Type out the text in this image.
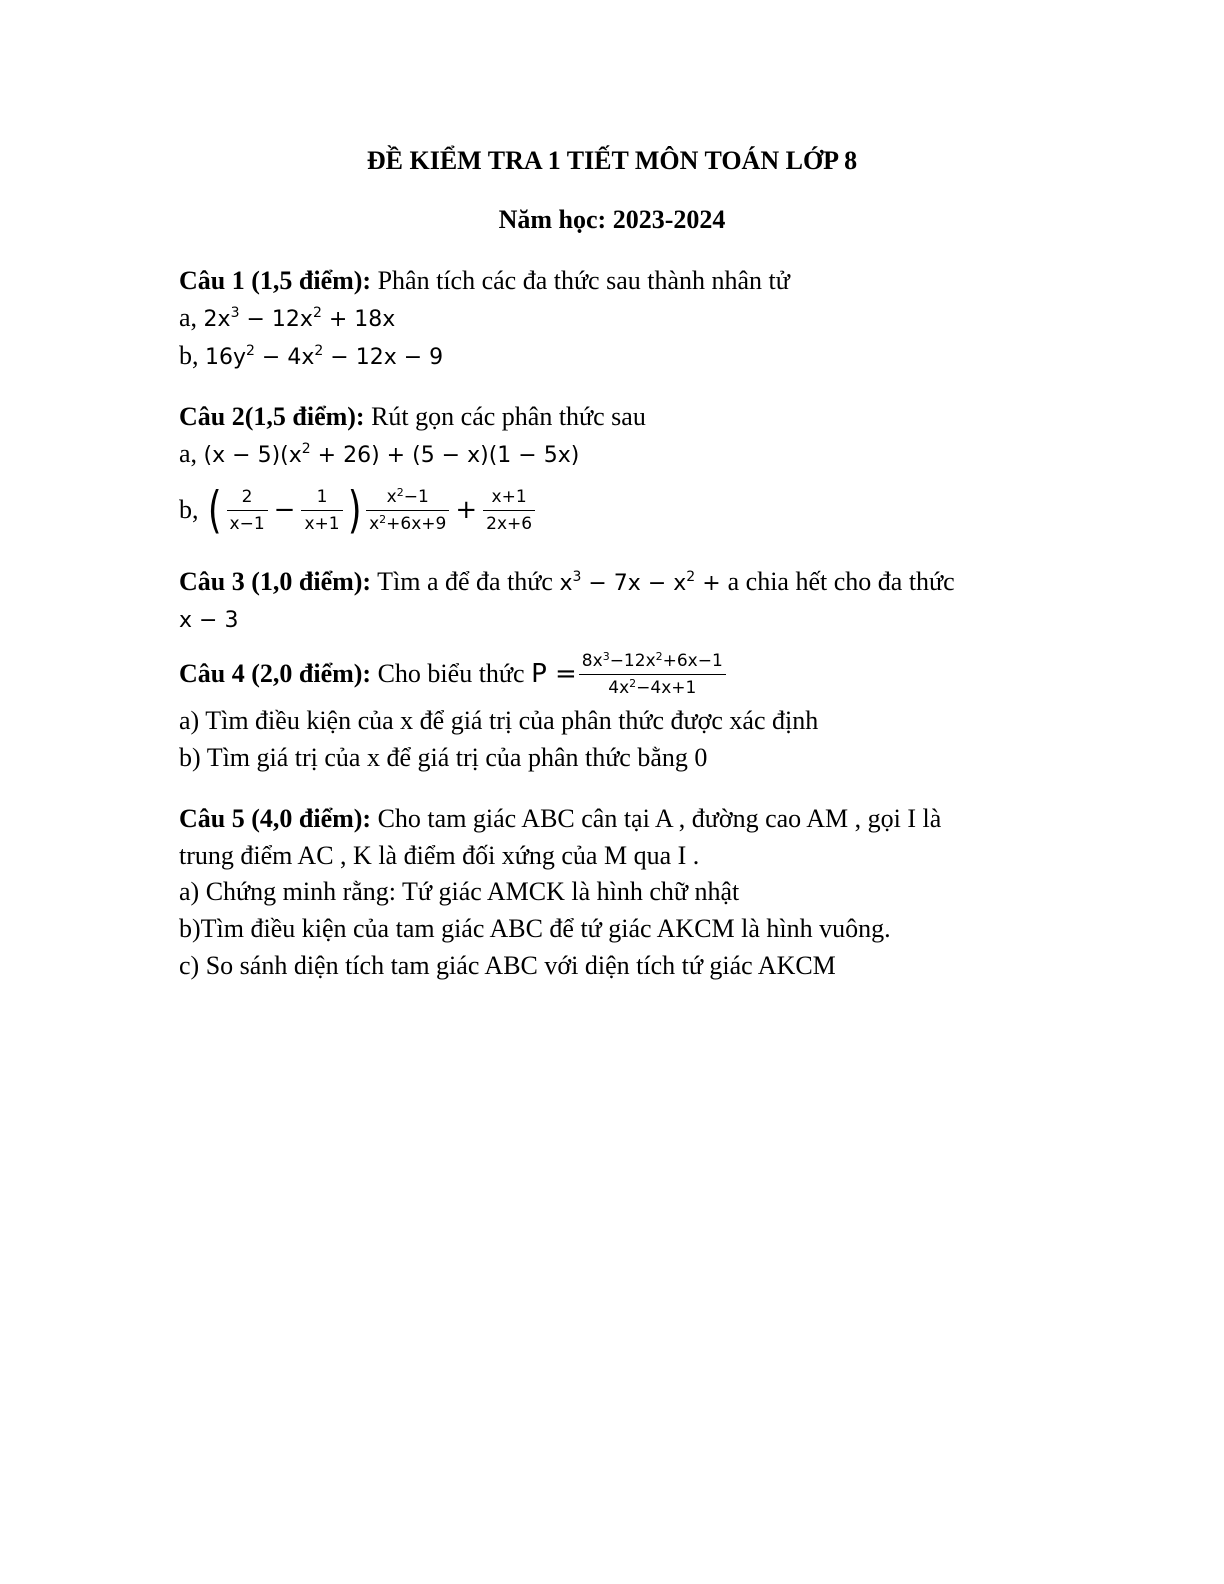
ĐỀ KIỂM TRA 1 TIẾT MÔN TOÁN LỚP 8
Năm học: 2023-2024
Câu 1 (1,5 điểm): Phân tích các đa thức sau thành nhân tử
a, $2x^3 - 12x^2 + 18x$
b, $16y^2 - 4x^2 - 12x - 9$
Câu 2(1,5 điểm): Rút gọn các phân thức sau
a, $(x - 5)(x^2 + 26) + (5 - x)(1 - 5x)$
b, ( $\frac{2}{x-1} - \frac{1}{x+1}$ ) $\frac{x^2-1}{x^2+6x+9} + \frac{x+1}{2x+6}$
Câu 3 (1,0 điểm): Tìm a để đa thức $x^3 - 7x - x^2 + a$ chia hết cho đa thức
x − 3
Câu 4 (2,0 điểm): Cho biểu thức $P = \frac{8x^3-12x^2+6x-1}{4x^2-4x+1}$
a) Tìm điều kiện của x để giá trị của phân thức được xác định
b) Tìm giá trị của x để giá trị của phân thức bằng 0
Câu 5 (4,0 điểm): Cho tam giác ABC cân tại A , đường cao AM , gọi I là
trung điểm AC , K là điểm đối xứng của M qua I .
a) Chứng minh rằng: Tứ giác AMCK là hình chữ nhật
b)Tìm điều kiện của tam giác ABC để tứ giác AKCM là hình vuông.
c) So sánh diện tích tam giác ABC với diện tích tứ giác AKCM
